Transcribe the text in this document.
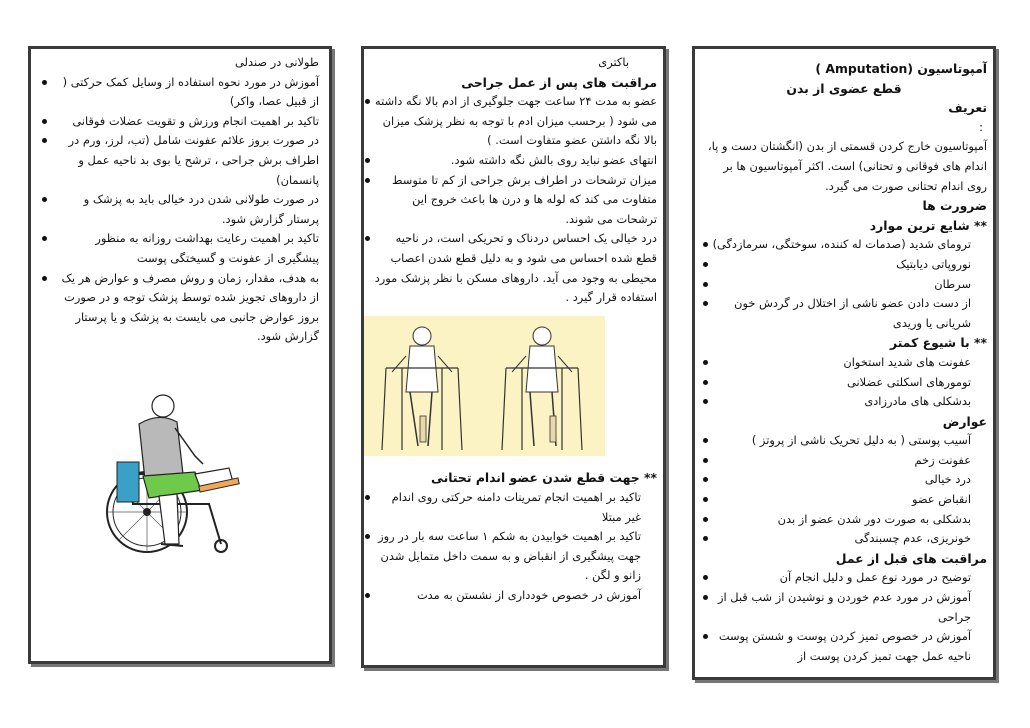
طولانی در صندلی
آموزش در مورد نحوه استفاده از وسایل کمک حرکتی ( از قبیل عصا، واکر)
تاکید بر اهمیت انجام ورزش و تقویت عضلات فوقانی
در صورت بروز علائم عفونت شامل (تب، لرز، ورم در اطراف برش جراحی ، ترشح یا بوی بد ناحیه عمل و پانسمان)
در صورت طولانی شدن درد خیالی باید به پزشک و پرستار گزارش شود.
تاکید بر اهمیت رعایت بهداشت روزانه به منظور پیشگیری از عفونت و گسیختگی پوست
به هدف، مقدار، زمان و روش مصرف و عوارض هر یک از داروهای تجویز شده توسط پزشک توجه و در صورت بروز عوارض جانبی می بایست به پزشک و یا پرستار گزارش شود.
باکتری
مراقبت های پس از عمل جراحی
عضو به مدت ۲۴ ساعت جهت جلوگیری از ادم بالا نگه داشته می شود ( برحسب میزان ادم با توجه به نظر پزشک میزان بالا نگه داشتن عضو متفاوت است. )
انتهای عضو نباید روی بالش نگه داشته شود.
میزان ترشحات در اطراف برش جراحی از کم تا متوسط متفاوت می کند که لوله ها و درن ها باعث خروج این ترشحات می شوند.
درد خیالی یک احساس دردناک و تحریکی است، در ناحیه قطع شده احساس می شود و به دلیل قطع شدن اعصاب محیطی به وجود می آید. داروهای مسکن با نظر پزشک مورد استفاده قرار گیرد .
** جهت قطع شدن عضو اندام تحتانی
تاکید بر اهمیت انجام تمرینات دامنه حرکتی روی اندام غیر مبتلا
تاکید بر اهمیت خوابیدن به شکم ۱ ساعت سه بار در روز جهت پیشگیری از انقباض و به سمت داخل متمایل شدن زانو و لگن .
آموزش در خصوص خودداری از نشستن به مدت
آمپوتاسیون (Amputation )
قطع عضوی از بدن
تعریف
:
آمپوتاسیون خارج کردن قسمتی از بدن (انگشتان دست و پا، اندام های فوقانی و تحتانی) است. اکثر آمپوتاسیون ها بر روی اندام تحتانی صورت می گیرد.
ضرورت ها
** شایع ترین موارد
ترومای شدید (صدمات له کننده، سوختگی، سرمازدگی)
نوروپاتی دیابتیک
سرطان
از دست دادن عضو ناشی از اختلال در گردش خون شریانی یا وریدی
** با شیوع کمتر
عفونت های شدید استخوان
تومورهای اسکلتی عضلانی
بدشکلی های مادرزادی
عوارض
آسیب پوستی ( به دلیل تحریک ناشی از پروتز )
عفونت زخم
درد خیالی
انقباض عضو
بدشکلی به صورت دور شدن عضو از بدن
خونریزی، عدم چسبندگی
مراقبت های قبل از عمل
توضیح در مورد نوع عمل و دلیل انجام آن
آموزش در مورد عدم خوردن و نوشیدن از شب قبل از جراحی
آموزش در خصوص تمیز کردن پوست و شستن پوست ناحیه عمل جهت تمیز کردن پوست از
